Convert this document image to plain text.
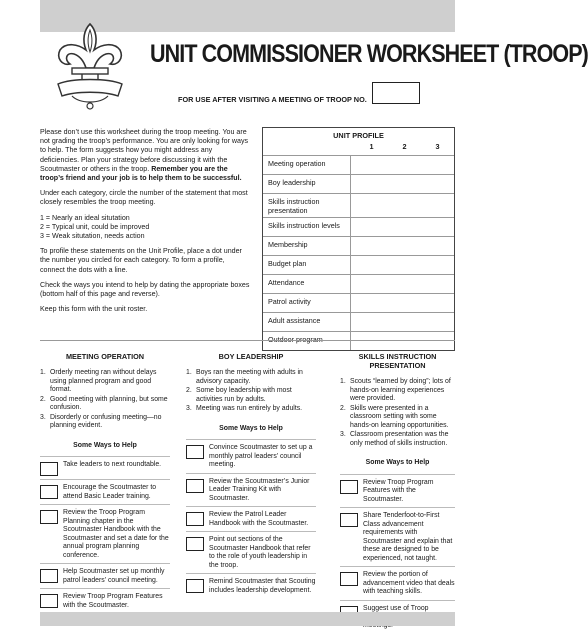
UNIT COMMISSIONER WORKSHEET (TROOP)
FOR USE AFTER VISITING A MEETING OF TROOP NO.

Please don’t use this worksheet during the troop meeting. You are not grading the troop’s performance. You are only looking for ways to help. The form suggests how you might address any deficiencies. Plan your strategy before discussing it with the Scoutmaster or others in the troop. Remember you are the troop’s friend and your job is to help them to be successful.

Under each category, circle the number of the statement that most closely resembles the troop meeting.

1 = Nearly an ideal situtation
2 = Typical unit, could be improved
3 = Weak situtation, needs action

To profile these statements on the Unit Profile, place a dot under the number you circled for each category. To form a profile, connect the dots with a line.

Check the ways you intend to help by dating the appropriate boxes (bottom half of this page and reverse).

Keep this form with the unit roster.

UNIT PROFILE
1	2	3
Meeting operation
Boy leadership
Skills instruction presentation
Skills instruction levels
Membership
Budget plan
Attendance
Patrol activity
Adult assistance
MEETING OPERATION
1. Orderly meeting ran without delays using planned program and good format.
2. Good meeting with planning, but some confusion.
3. Disorderly or confusing meeting—no planning evident.
Some Ways to Help
Take leaders to next roundtable.
Encourage the Scoutmaster to attend Basic Leader training.
Review the Troop Program Planning chapter in the Scoutmaster Handbook with the Scoutmaster and set a date for the annual program planning conference.
Help Scoutmaster set up monthly patrol leaders’ council meeting.
Review Troop Program Features with the Scoutmaster.
BOY LEADERSHIP
1. Boys ran the meeting with adults in advisory capacity.
2. Some boy leadership with most activities run by adults.
3. Meeting was run entirely by adults.
Some Ways to Help
Convince Scoutmaster to set up a monthly patrol leaders’ council meeting.
Review the Scoutmaster’s Junior Leader Training Kit with Scoutmaster.
Review the Patrol Leader Handbook with the Scoutmaster.
Point out sections of the Scoutmaster Handbook that refer to the role of youth leadership in the troop.
Remind Scoutmaster that Scouting includes leadership development.
SKILLS INSTRUCTION PRESENTATION
1. Scouts “learned by doing”; lots of hands-on learning experiences were provided.
2. Skills were presented in a classroom setting with some hands-on learning opportunities.
3. Classroom presentation was the only method of skills instruction.
Some Ways to Help
Review Troop Program Features with the Scoutmaster.
Share Tenderfoot-to-First Class advancement requirements with Scoutmaster and explain that these are designed to be experienced, not taught.
Review the portion of advancement video that deals with teaching skills.
Suggest use of Troop
